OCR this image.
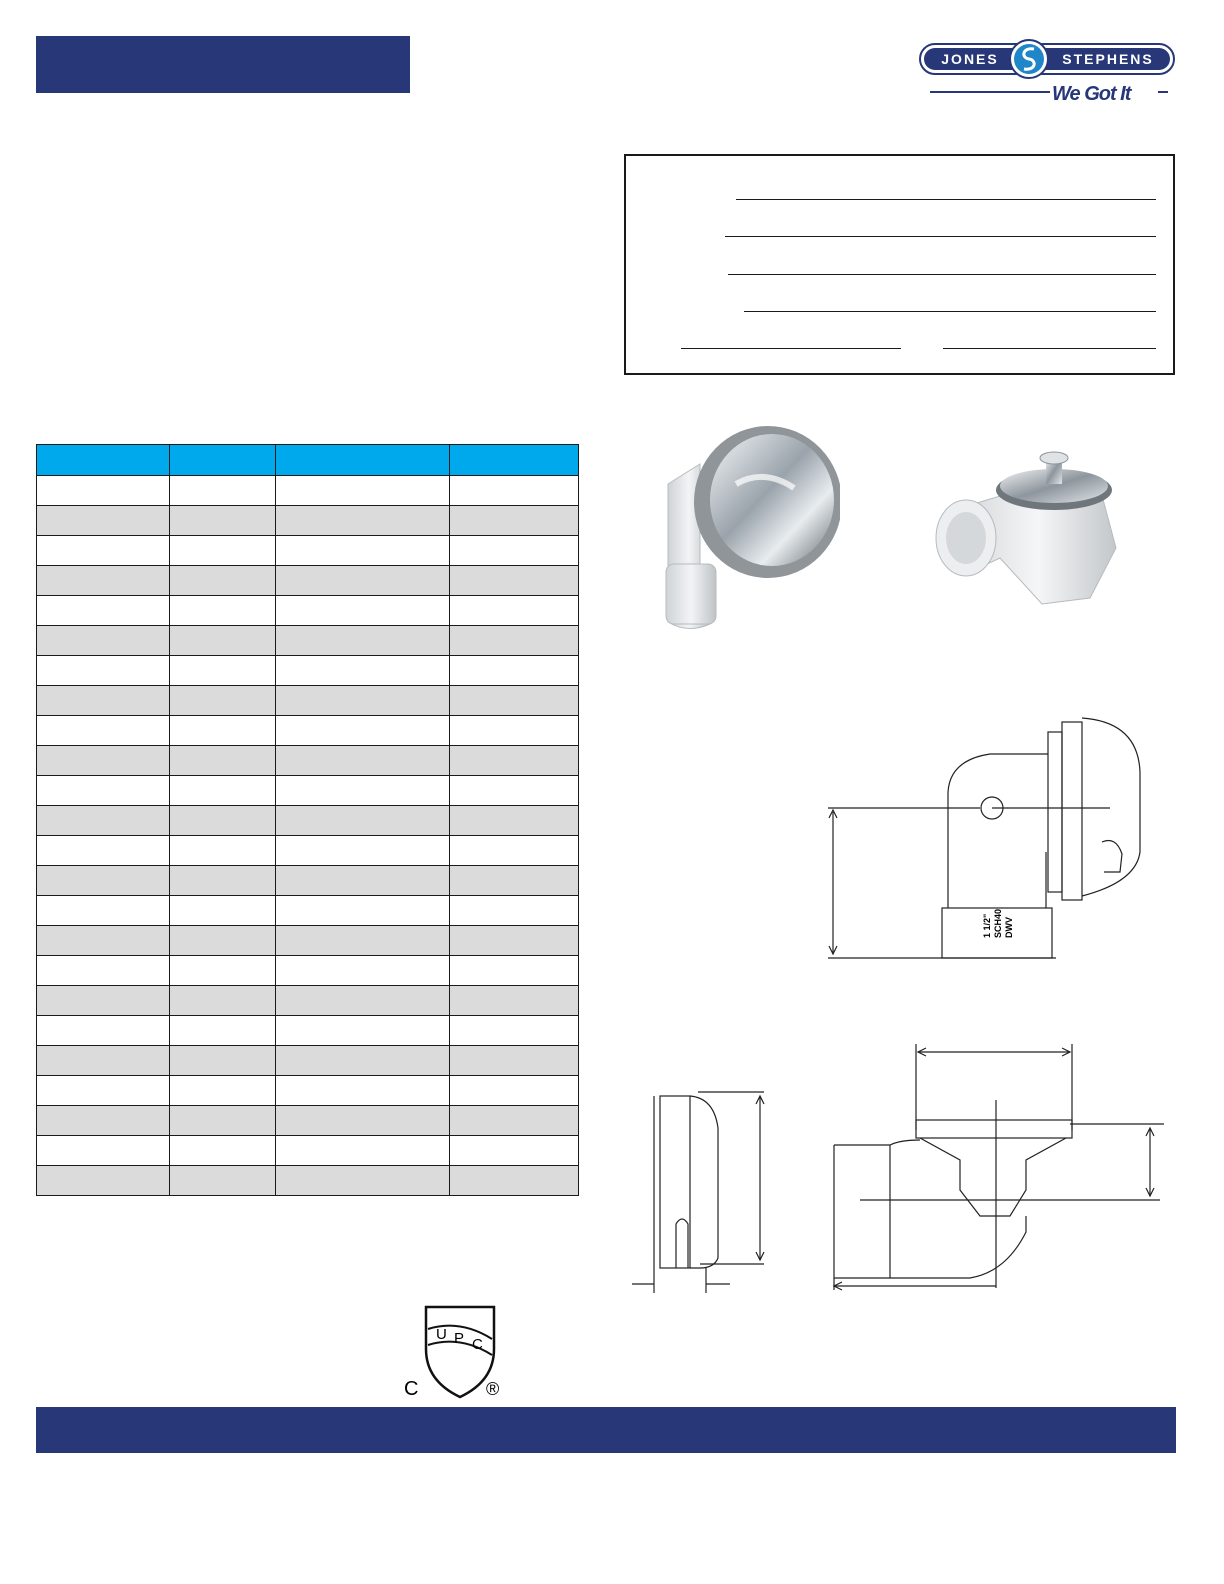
JONES	STEPHENS
We Got It

1 1/2" SCH40 DWV
U P C
C	®
